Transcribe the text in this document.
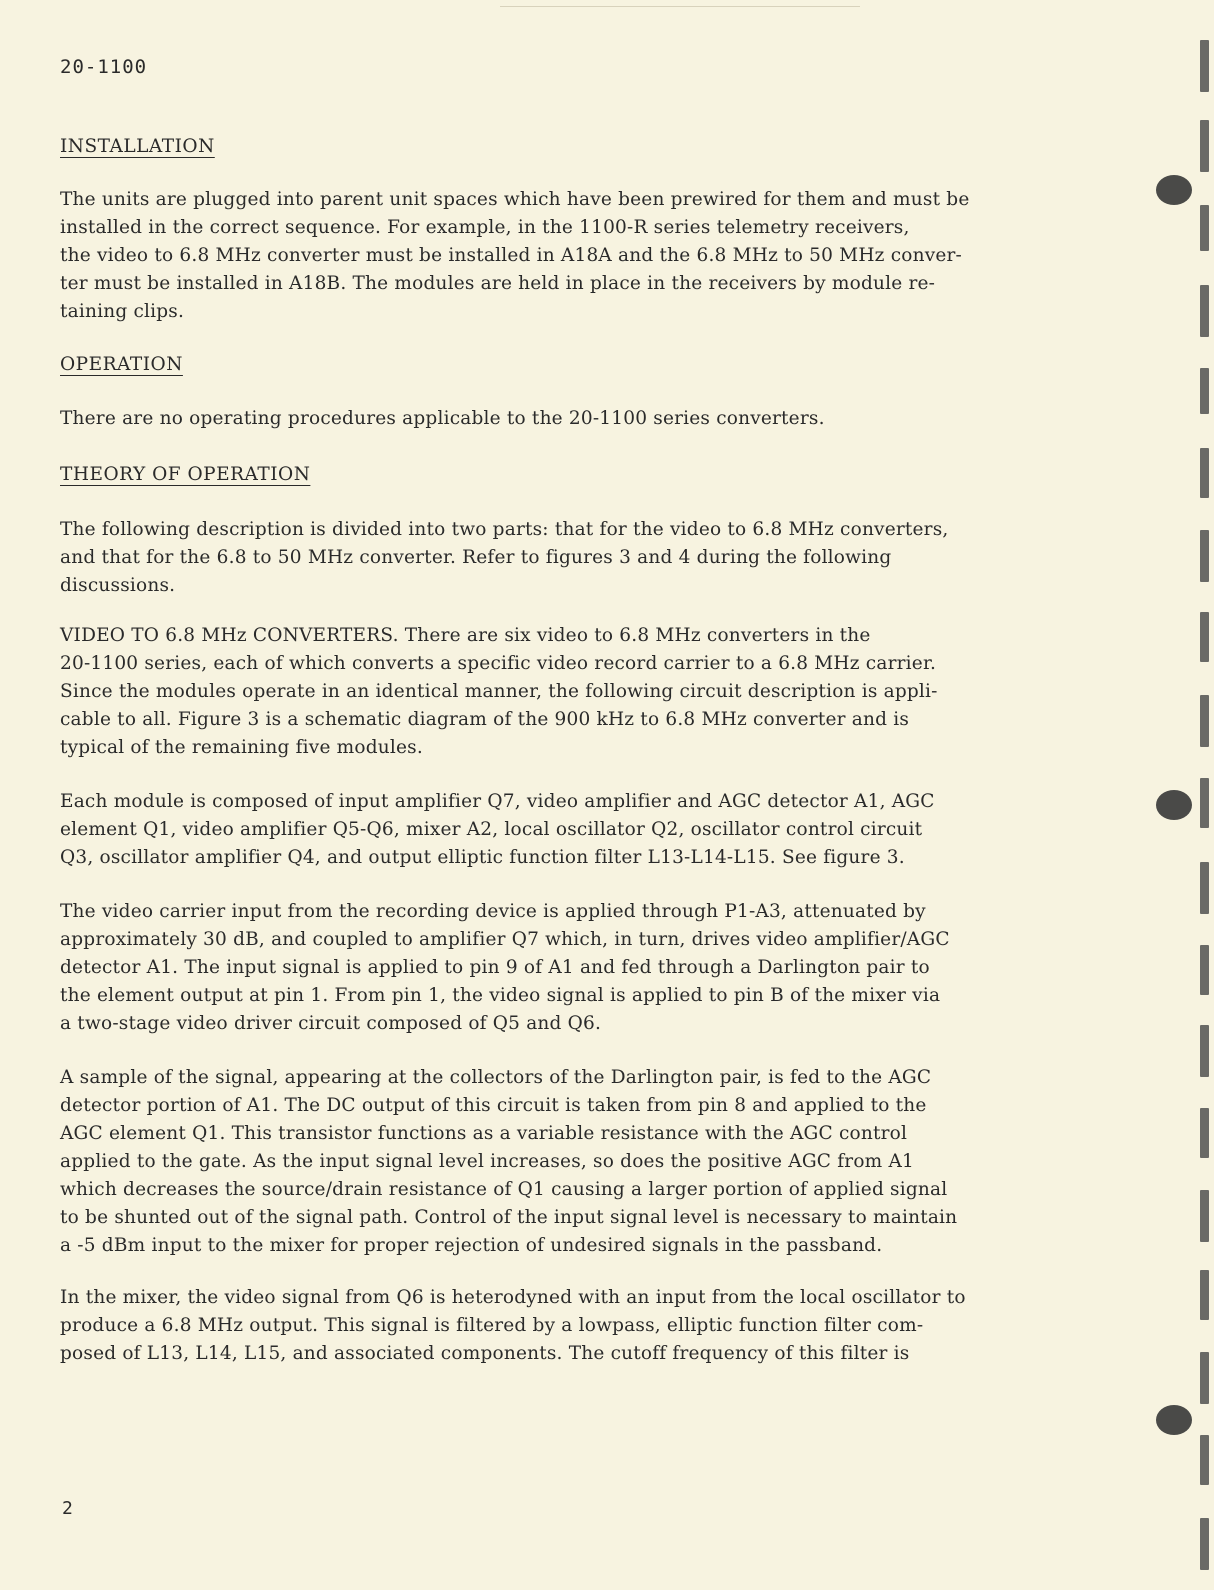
20-1100
INSTALLATION
The units are plugged into parent unit spaces which have been prewired for them and must be
installed in the correct sequence. For example, in the 1100-R series telemetry receivers,
the video to 6.8 MHz converter must be installed in A18A and the 6.8 MHz to 50 MHz conver-
ter must be installed in A18B. The modules are held in place in the receivers by module re-
taining clips.
OPERATION
There are no operating procedures applicable to the 20-1100 series converters.
THEORY OF OPERATION
The following description is divided into two parts: that for the video to 6.8 MHz converters,
and that for the 6.8 to 50 MHz converter. Refer to figures 3 and 4 during the following
discussions.
VIDEO TO 6.8 MHz CONVERTERS. There are six video to 6.8 MHz converters in the
20-1100 series, each of which converts a specific video record carrier to a 6.8 MHz carrier.
Since the modules operate in an identical manner, the following circuit description is appli-
cable to all. Figure 3 is a schematic diagram of the 900 kHz to 6.8 MHz converter and is
typical of the remaining five modules.
Each module is composed of input amplifier Q7, video amplifier and AGC detector A1, AGC
element Q1, video amplifier Q5-Q6, mixer A2, local oscillator Q2, oscillator control circuit
Q3, oscillator amplifier Q4, and output elliptic function filter L13-L14-L15. See figure 3.
The video carrier input from the recording device is applied through P1-A3, attenuated by
approximately 30 dB, and coupled to amplifier Q7 which, in turn, drives video amplifier/AGC
detector A1. The input signal is applied to pin 9 of A1 and fed through a Darlington pair to
the element output at pin 1. From pin 1, the video signal is applied to pin B of the mixer via
a two-stage video driver circuit composed of Q5 and Q6.
A sample of the signal, appearing at the collectors of the Darlington pair, is fed to the AGC
detector portion of A1. The DC output of this circuit is taken from pin 8 and applied to the
AGC element Q1. This transistor functions as a variable resistance with the AGC control
applied to the gate. As the input signal level increases, so does the positive AGC from A1
which decreases the source/drain resistance of Q1 causing a larger portion of applied signal
to be shunted out of the signal path. Control of the input signal level is necessary to maintain
a -5 dBm input to the mixer for proper rejection of undesired signals in the passband.
In the mixer, the video signal from Q6 is heterodyned with an input from the local oscillator to
produce a 6.8 MHz output. This signal is filtered by a lowpass, elliptic function filter com-
posed of L13, L14, L15, and associated components. The cutoff frequency of this filter is
2
